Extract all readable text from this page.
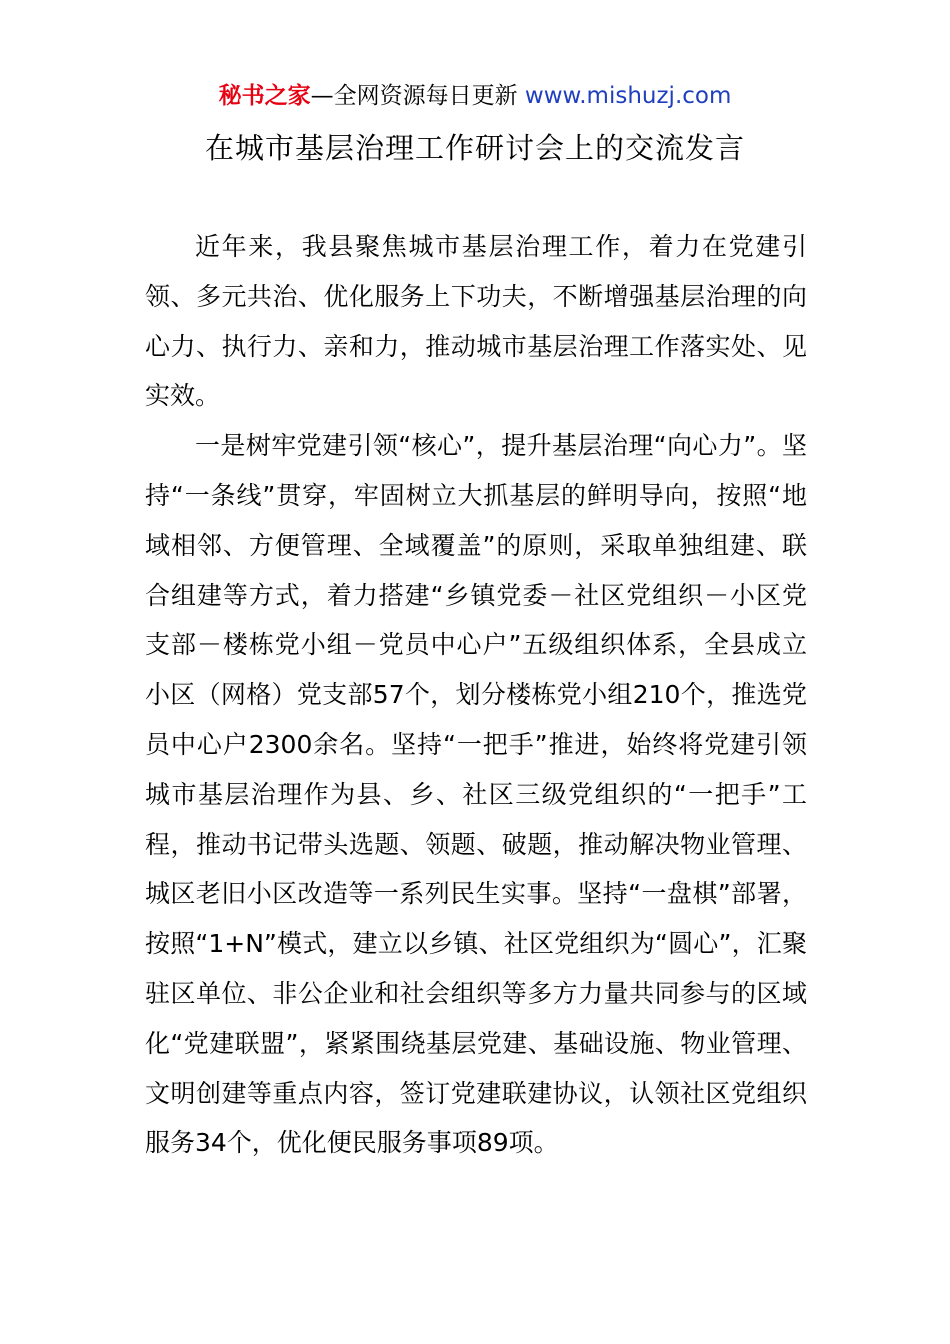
秘书之家—全网资源每日更新 www.mishuzj.com
在城市基层治理工作研讨会上的交流发言

近年来，我县聚焦城市基层治理工作，着力在党建引领、多元共治、优化服务上下功夫，不断增强基层治理的向心力、执行力、亲和力，推动城市基层治理工作落实处、见实效。

一是树牢党建引领“核心”，提升基层治理“向心力”。坚持“一条线”贯穿，牢固树立大抓基层的鲜明导向，按照“地域相邻、方便管理、全域覆盖”的原则，采取单独组建、联合组建等方式，着力搭建“乡镇党委－社区党组织－小区党支部－楼栋党小组－党员中心户”五级组织体系，全县成立小区（网格）党支部57个，划分楼栋党小组210个，推选党员中心户2300余名。坚持“一把手”推进，始终将党建引领城市基层治理作为县、乡、社区三级党组织的“一把手”工程，推动书记带头选题、领题、破题，推动解决物业管理、城区老旧小区改造等一系列民生实事。坚持“一盘棋”部署，按照“1+N”模式，建立以乡镇、社区党组织为“圆心”，汇聚驻区单位、非公企业和社会组织等多方力量共同参与的区域化“党建联盟”，紧紧围绕基层党建、基础设施、物业管理、文明创建等重点内容，签订党建联建协议，认领社区党组织服务34个，优化便民服务事项89项。
